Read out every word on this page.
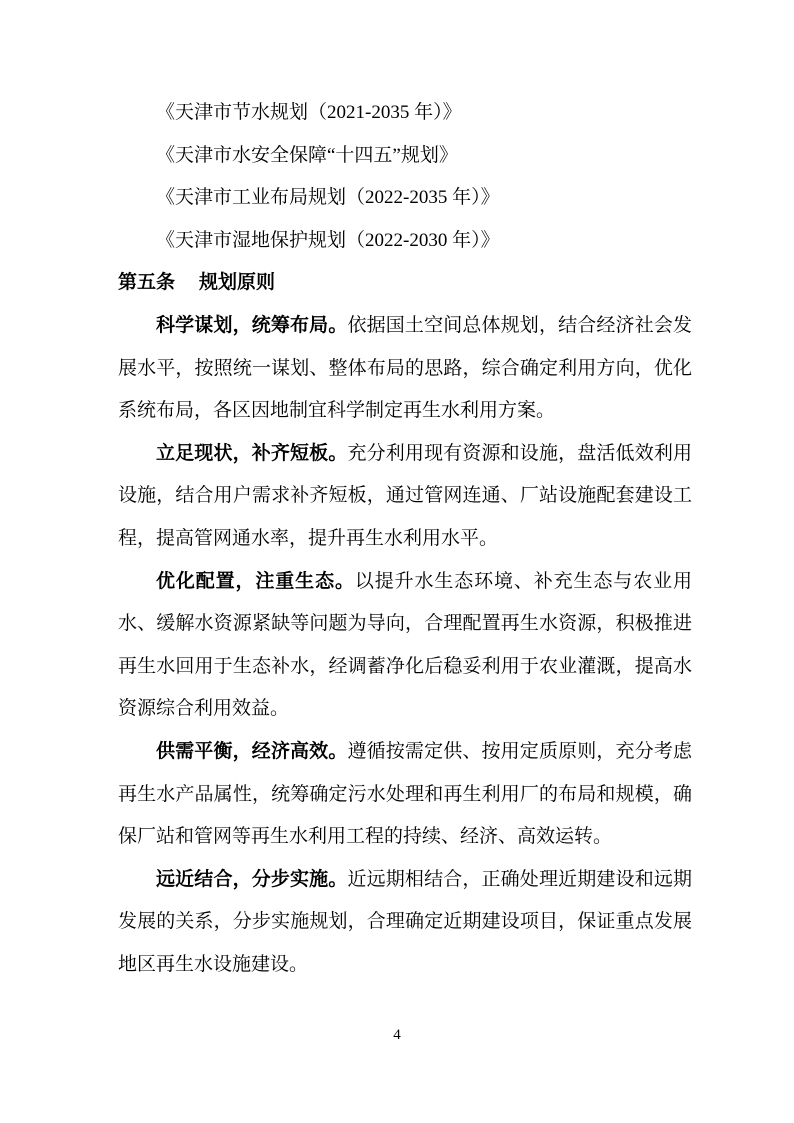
《天津市节水规划（2021-2035 年）》

《天津市水安全保障“十四五”规划》

《天津市工业布局规划（2022-2035 年）》

《天津市湿地保护规划（2022-2030 年）》

第五条 规划原则

科学谋划，统筹布局。依据国土空间总体规划，结合经济社会发展水平，按照统一谋划、整体布局的思路，综合确定利用方向，优化系统布局，各区因地制宜科学制定再生水利用方案。

立足现状，补齐短板。充分利用现有资源和设施，盘活低效利用设施，结合用户需求补齐短板，通过管网连通、厂站设施配套建设工程，提高管网通水率，提升再生水利用水平。

优化配置，注重生态。以提升水生态环境、补充生态与农业用水、缓解水资源紧缺等问题为导向，合理配置再生水资源，积极推进再生水回用于生态补水，经调蓄净化后稳妥利用于农业灌溉，提高水资源综合利用效益。

供需平衡，经济高效。遵循按需定供、按用定质原则，充分考虑再生水产品属性，统筹确定污水处理和再生利用厂的布局和规模，确保厂站和管网等再生水利用工程的持续、经济、高效运转。

远近结合，分步实施。近远期相结合，正确处理近期建设和远期发展的关系，分步实施规划，合理确定近期建设项目，保证重点发展地区再生水设施建设。

4
